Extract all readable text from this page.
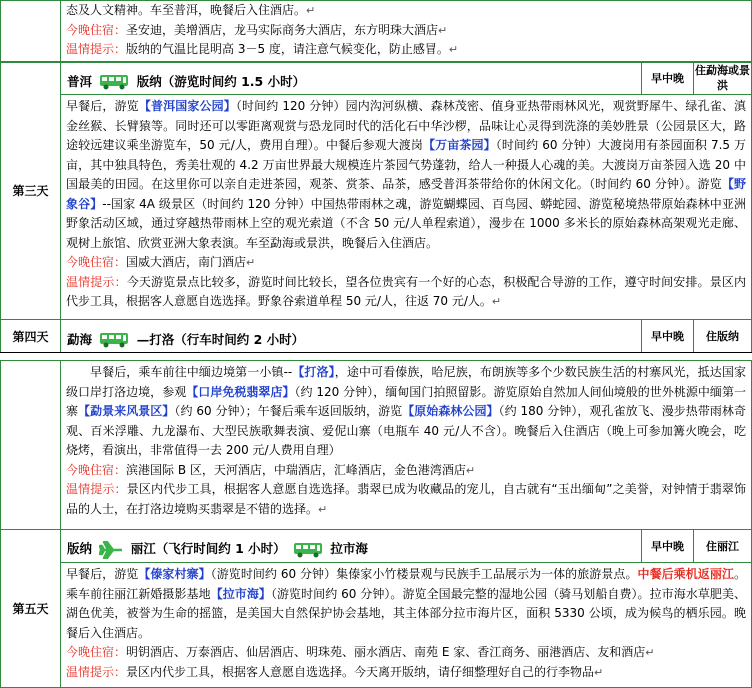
态及人文精神。车至普洱，晚餐后入住酒店。↵

今晚住宿：圣安迪，美增酒店，龙马实际商务大酒店，东方明珠大酒店↵

温情提示：版纳的气温比昆明高 3－5 度，请注意气候变化，防止感冒。↵

第三天	普洱 版纳（游览时间约 1.5 小时）	早中晚	住勐海或景洪

	早餐后，游览【普洱国家公园】（时间约 120 分钟）园内沟河纵横、森林茂密、值身亚热带雨林风光，观赏野犀牛、绿孔雀、滇金丝猴、长臂猿等。同时还可以零距离观赏与恐龙同时代的活化石中华沙椤，品味让心灵得到洗涤的美妙胜景（公园景区大，路途较远建议乘坐游览车，50 元/人，费用自理）。中餐后参观大渡岗【万亩茶园】（时间约 60 分钟）大渡岗用有茶园面积 7.5 万亩，其中独具特色，秀美壮观的 4.2 万亩世界最大规模连片茶园气势蓬勃，给人一种摄人心魂的美。大渡岗万亩茶园入选 20 中国最美的田园。在这里你可以亲自走进茶园，观茶、赏茶、品茶，感受普洱茶带给你的休闲文化。（时间约 60 分钟）。游览【野象谷】--国家 4A 级景区（时间约 120 分钟）中国热带雨林之魂，游览蝴蝶园、百鸟园、蟒蛇园、游览秘境热带原始森林中亚洲野象活动区域，通过穿越热带雨林上空的观光索道（不含 50 元/人单程索道），漫步在 1000 多米长的原始森林高架观光走廊、观树上旅馆、欣赏亚洲大象表演。车至勐海或景洪，晚餐后入住酒店。

今晚住宿：国威大酒店，南门酒店↵

温情提示：今天游览景点比较多，游览时间比较长，望各位贵宾有一个好的心态，积极配合导游的工作，遵守时间安排。景区内代步工具，根据客人意愿自选选择。野象谷索道单程 50 元/人，往返 70 元/人。↵		

第四天	勐海 —打洛（行车时间约 2 小时）	早中晚	住版纳

	早餐后，乘车前往中缅边境第一小镇--【打洛】，途中可看傣族，哈尼族，布朗族等多个少数民族生活的村寨风光，抵达国家级口岸打洛边境，参观【口岸免税翡翠店】（约 120 分钟），缅甸国门拍照留影。游览原始自然加人间仙境般的世外桃源中缅第一寨【勐景来风景区】（约 60 分钟）；午餐后乘车返回版纳，游览【原始森林公园】（约 180 分钟），观孔雀放飞、漫步热带雨林奇观、百米浮雕、九龙瀑布、大型民族歌舞表演、爱伲山寨（电瓶车 40 元/人不含）。晚餐后入住酒店（晚上可参加篝火晚会，吃烧烤，看演出，非常值得一去 200 元/人费用自理）

今晚住宿：滨港国际 B 区，天河酒店，中瑞酒店，汇峰酒店，金色港湾酒店↵

温情提示：景区内代步工具，根据客人意愿自选选择。翡翠已成为收藏品的宠儿，自古就有“玉出缅甸”之美誉，对钟情于翡翠饰品的人士，在打洛边境购买翡翠是不错的选择。↵		

第五天	版纳 丽江（飞行时间约 1 小时） 拉市海	早中晚	住丽江

	早餐后，游览【傣家村寨】（游览时间约 60 分钟）集傣家小竹楼景观与民族手工品展示为一体的旅游景点。中餐后乘机返丽江。乘车前往丽江新婚摄影基地【拉市海】（游览时间约 60 分钟）。游览全国最完整的湿地公园（骑马划船自费）。拉市海水草肥美、湖色优美，被誉为生命的摇篮，是美国大自然保护协会基地，其主体部分拉市海片区，面积 5330 公顷，成为候鸟的栖乐园。晚餐后入住酒店。

今晚住宿：明钥酒店、万泰酒店、仙居酒店、明珠苑、丽水酒店、南苑 E 家、香江商务、丽港酒店、友和酒店↵

温情提示：景区内代步工具，根据客人意愿自选选择。今天离开版纳，请仔细整理好自己的行李物品↵		
